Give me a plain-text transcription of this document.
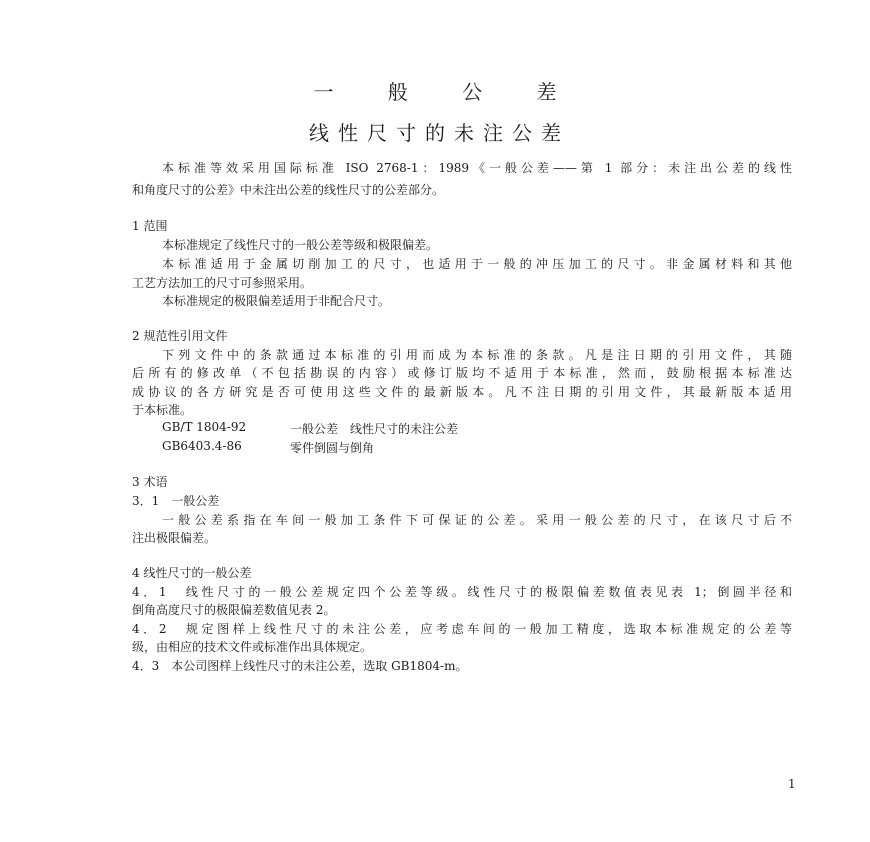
一 般 公 差
线性尺寸的未注公差

本标准等效采用国际标准 ISO 2768-1：1989《一般公差——第 1 部分：未注出公差的线性

和角度尺寸的公差》中未注出公差的线性尺寸的公差部分。

1 范围

本标准规定了线性尺寸的一般公差等级和极限偏差。

本标准适用于金属切削加工的尺寸，也适用于一般的冲压加工的尺寸。非金属材料和其他

工艺方法加工的尺寸可参照采用。

本标准规定的极限偏差适用于非配合尺寸。

2 规范性引用文件

下列文件中的条款通过本标准的引用而成为本标准的条款。凡是注日期的引用文件，其随

后所有的修改单（不包括勘误的内容）或修订版均不适用于本标准，然而，鼓励根据本标准达

成协议的各方研究是否可使用这些文件的最新版本。凡不注日期的引用文件，其最新版本适用

于本标准。

GB/T 1804-92	一般公差　线性尺寸的未注公差
GB6403.4-86	零件倒圆与倒角

3 术语

3．1　一般公差

一般公差系指在车间一般加工条件下可保证的公差。采用一般公差的尺寸，在该尺寸后不

注出极限偏差。

4 线性尺寸的一般公差

4．1　线性尺寸的一般公差规定四个公差等级。线性尺寸的极限偏差数值表见表 1；倒圆半径和

倒角高度尺寸的极限偏差数值见表 2。

4．2　规定图样上线性尺寸的未注公差，应考虑车间的一般加工精度，选取本标准规定的公差等

级，由相应的技术文件或标准作出具体规定。

4．3　本公司图样上线性尺寸的未注公差，选取 GB1804-m。

1
